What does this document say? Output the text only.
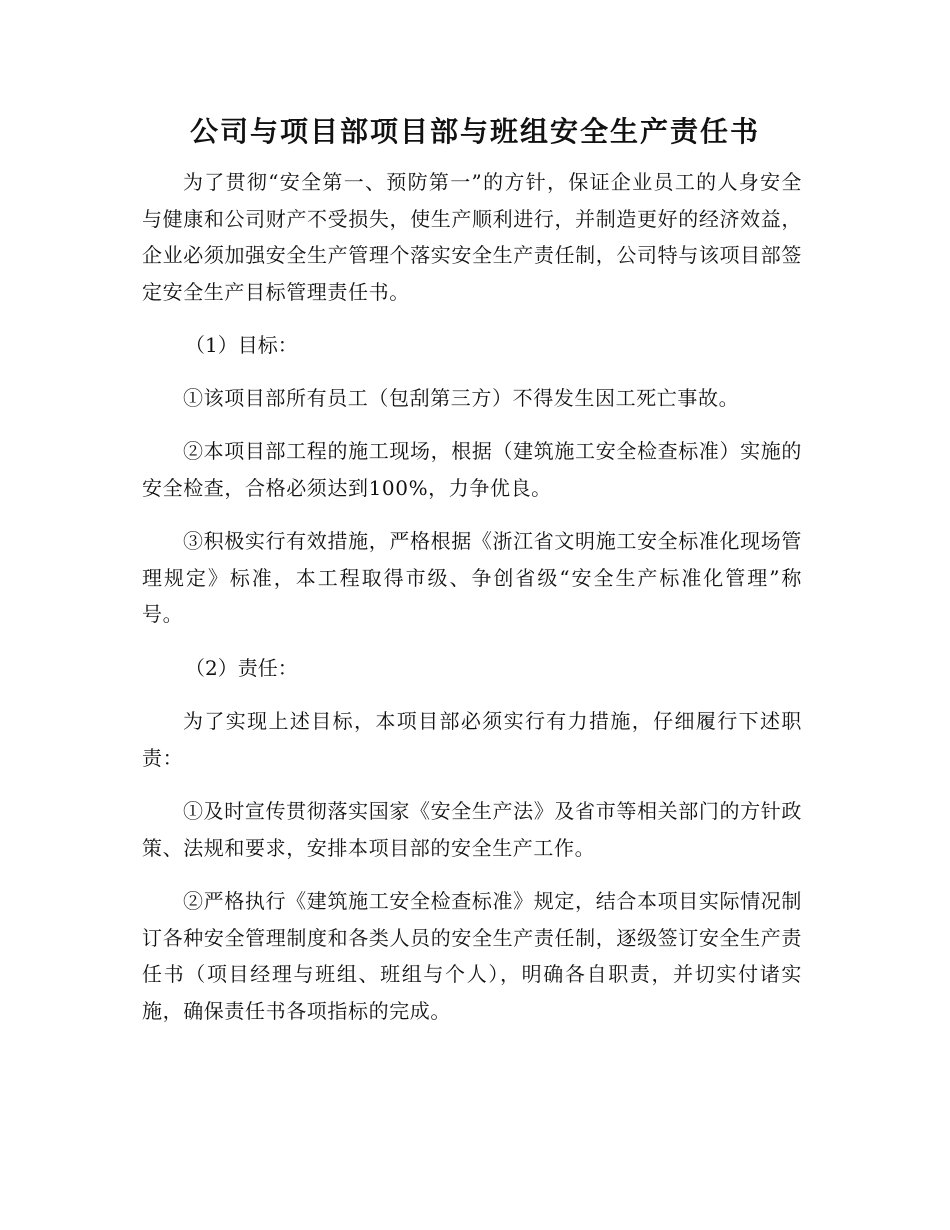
公司与项目部项目部与班组安全生产责任书

为了贯彻“安全第一、预防第一”的方针，保证企业员工的人身安全与健康和公司财产不受损失，使生产顺利进行，并制造更好的经济效益，企业必须加强安全生产管理个落实安全生产责任制，公司特与该项目部签定安全生产目标管理责任书。

（1）目标：

①该项目部所有员工（包刮第三方）不得发生因工死亡事故。

②本项目部工程的施工现场，根据（建筑施工安全检查标准）实施的安全检查，合格必须达到100%，力争优良。

③积极实行有效措施，严格根据《浙江省文明施工安全标准化现场管理规定》标准，本工程取得市级、争创省级“安全生产标准化管理”称号。

（2）责任：

为了实现上述目标，本项目部必须实行有力措施，仔细履行下述职责：

①及时宣传贯彻落实国家《安全生产法》及省市等相关部门的方针政策、法规和要求，安排本项目部的安全生产工作。

②严格执行《建筑施工安全检查标准》规定，结合本项目实际情况制订各种安全管理制度和各类人员的安全生产责任制，逐级签订安全生产责任书（项目经理与班组、班组与个人），明确各自职责，并切实付诸实施，确保责任书各项指标的完成。
